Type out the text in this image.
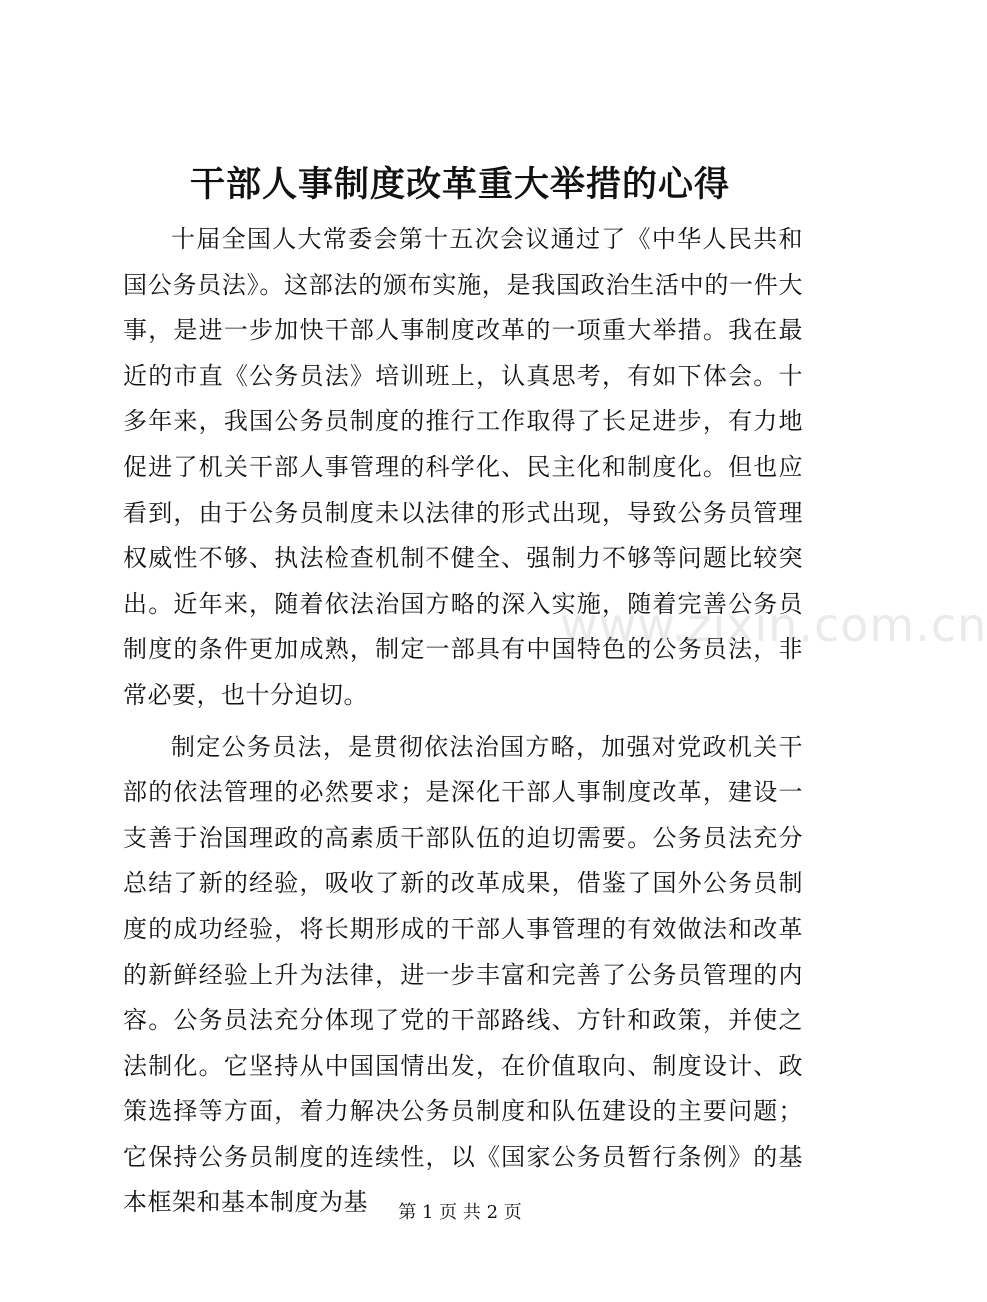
干部人事制度改革重大举措的心得

十届全国人大常委会第十五次会议通过了《中华人民共和国公务员法》。这部法的颁布实施，是我国政治生活中的一件大事，是进一步加快干部人事制度改革的一项重大举措。我在最近的市直《公务员法》培训班上，认真思考，有如下体会。十多年来，我国公务员制度的推行工作取得了长足进步，有力地促进了机关干部人事管理的科学化、民主化和制度化。但也应看到，由于公务员制度未以法律的形式出现，导致公务员管理权威性不够、执法检查机制不健全、强制力不够等问题比较突出。近年来，随着依法治国方略的深入实施，随着完善公务员制度的条件更加成熟，制定一部具有中国特色的公务员法，非常必要，也十分迫切。

制定公务员法，是贯彻依法治国方略，加强对党政机关干部的依法管理的必然要求；是深化干部人事制度改革，建设一支善于治国理政的高素质干部队伍的迫切需要。公务员法充分总结了新的经验，吸收了新的改革成果，借鉴了国外公务员制度的成功经验，将长期形成的干部人事管理的有效做法和改革的新鲜经验上升为法律，进一步丰富和完善了公务员管理的内容。公务员法充分体现了党的干部路线、方针和政策，并使之法制化。它坚持从中国国情出发，在价值取向、制度设计、政策选择等方面，着力解决公务员制度和队伍建设的主要问题；它保持公务员制度的连续性，以《国家公务员暂行条例》的基本框架和基本制度为基

www.zixin.com.cn
第 1 页 共 2 页
